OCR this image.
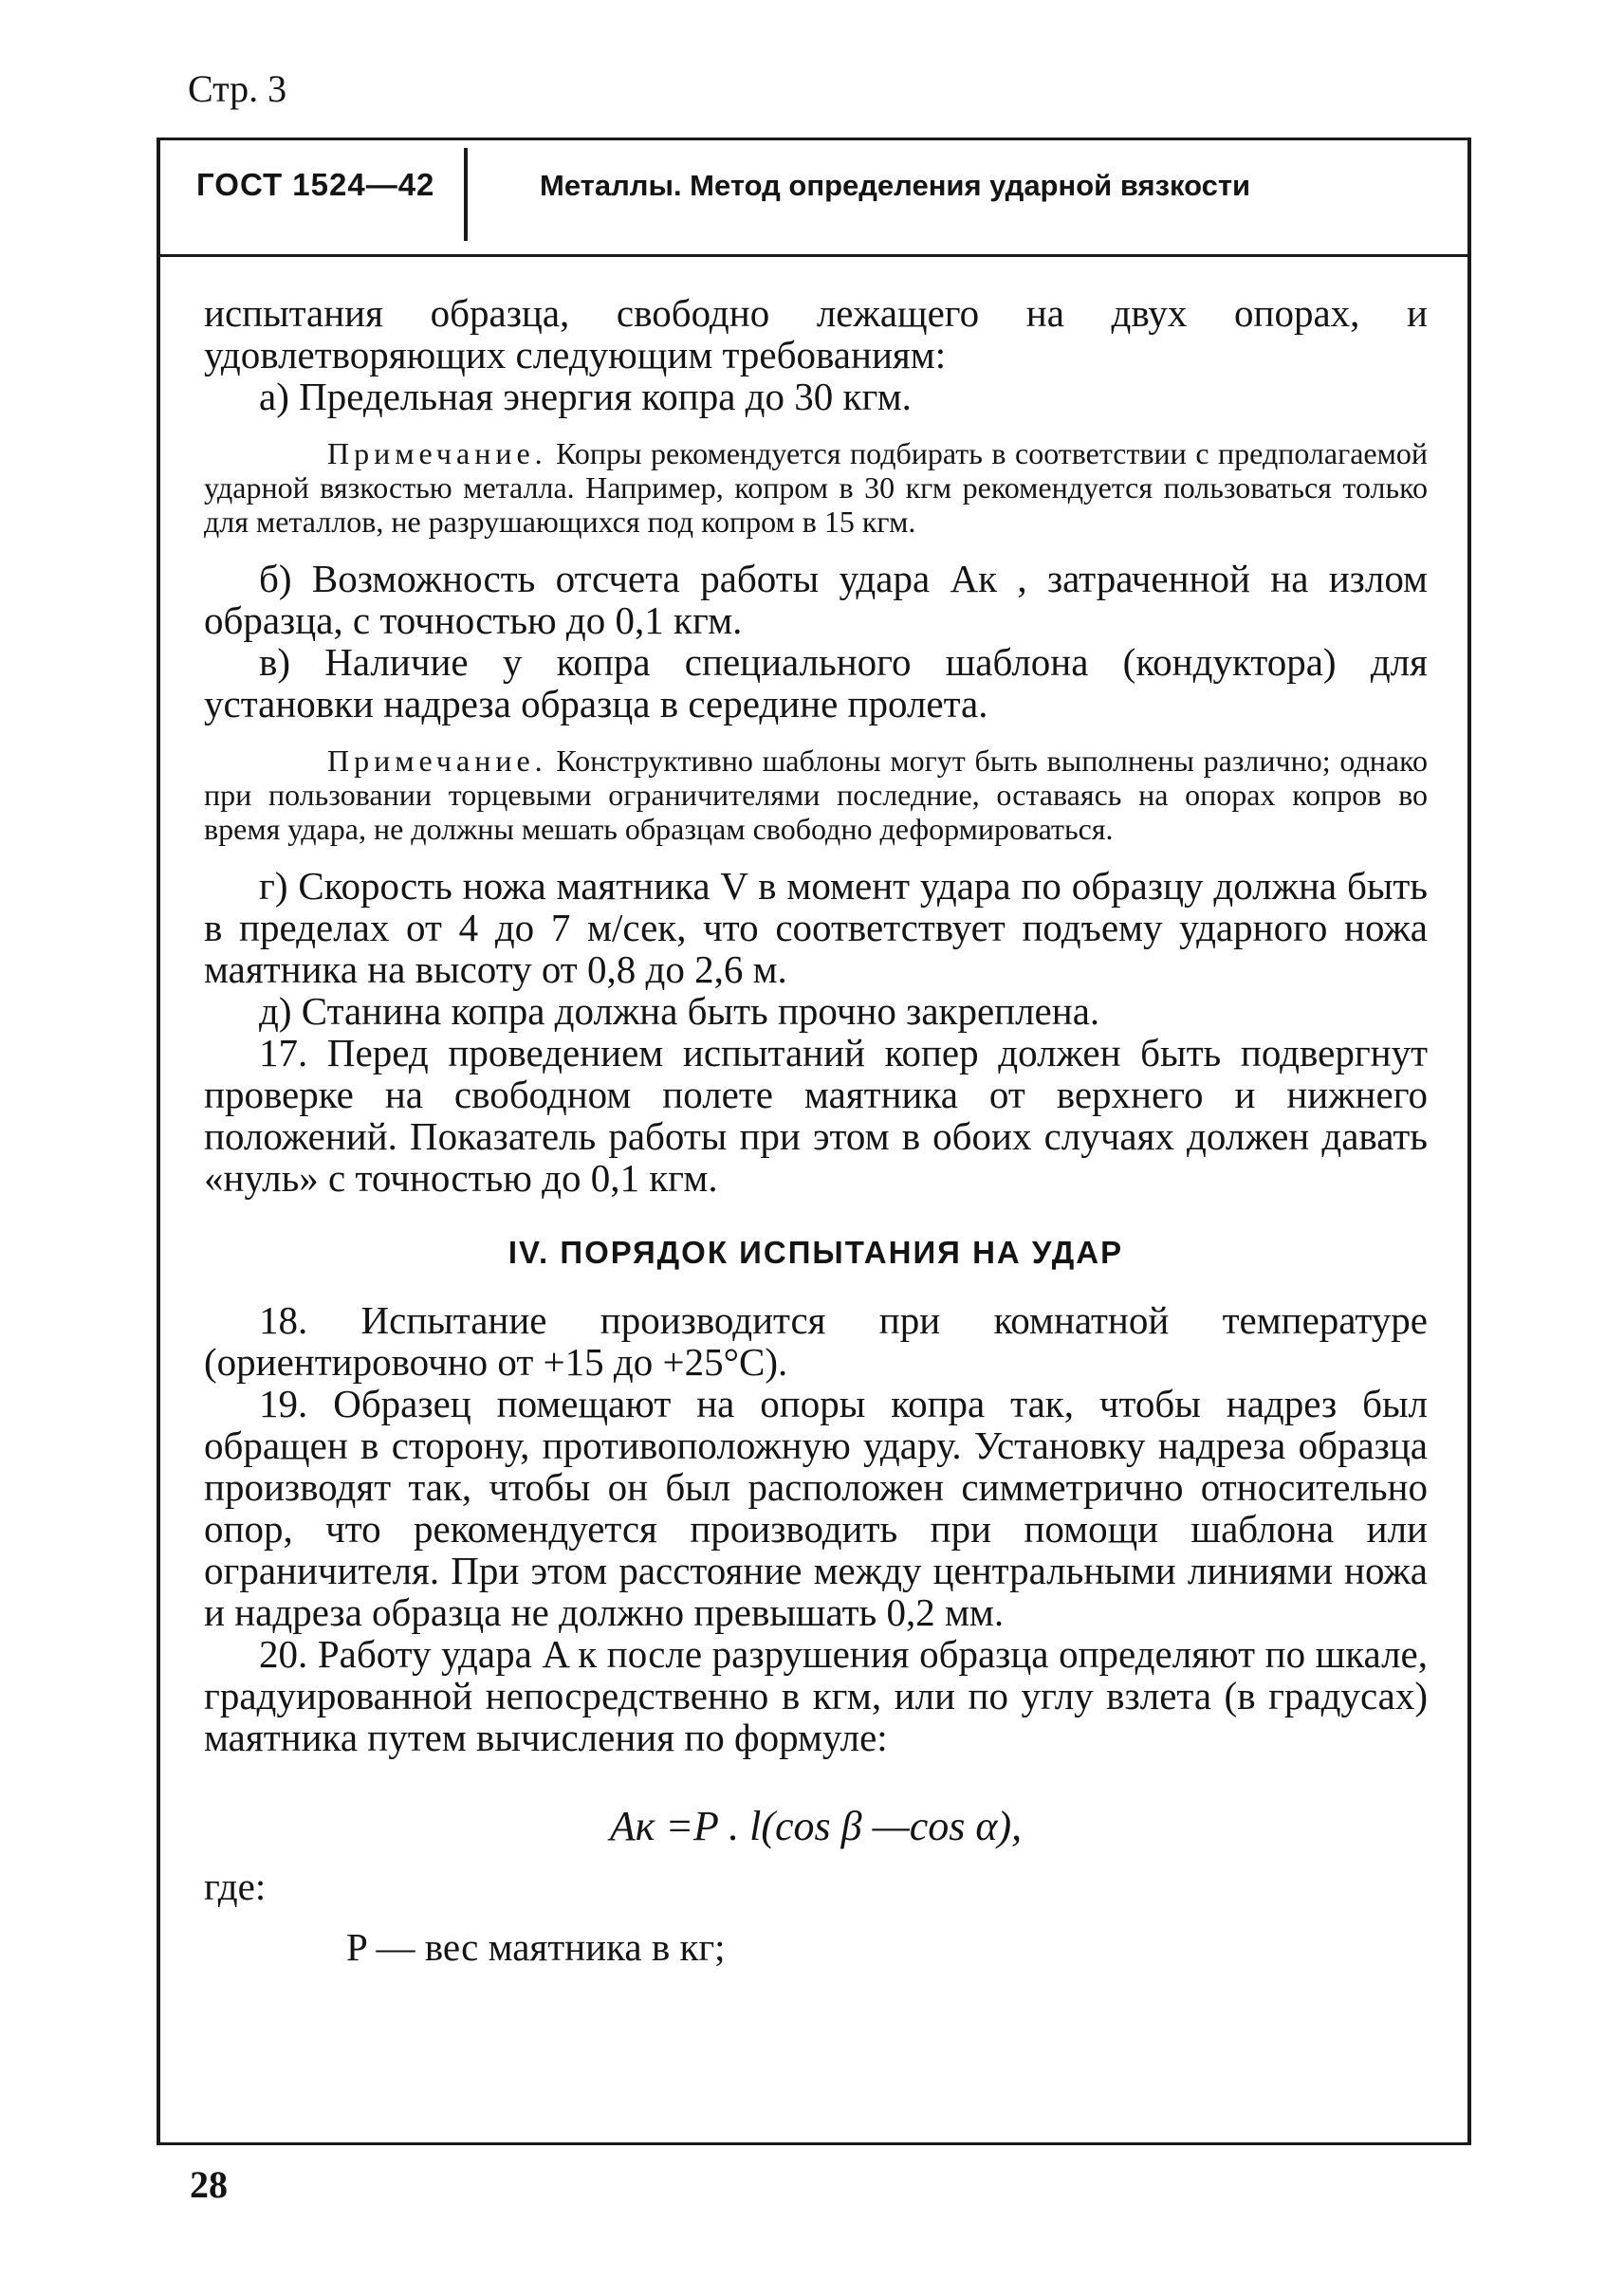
Стр. 3
ГОСТ 1524—42	Металлы. Метод определения ударной вязкости

испытания образца, свободно лежащего на двух опорах, и удовлетворяющих следующим требованиям:

а) Предельная энергия копра до 30 кгм.

Примечание. Копры рекомендуется подбирать в соответствии с предполагаемой ударной вязкостью металла. Например, копром в 30 кгм рекомендуется пользоваться только для металлов, не разрушающихся под копром в 15 кгм.

б) Возможность отсчета работы удара Aк , затраченной на излом образца, с точностью до 0,1 кгм.

в) Наличие у копра специального шаблона (кондуктора) для установки надреза образца в середине пролета.

Примечание. Конструктивно шаблоны могут быть выполнены различно; однако при пользовании торцевыми ограничителями последние, оставаясь на опорах копров во время удара, не должны мешать образцам свободно деформироваться.

г) Скорость ножа маятника V в момент удара по образцу должна быть в пределах от 4 до 7 м/сек, что соответствует подъему ударного ножа маятника на высоту от 0,8 до 2,6 м.

д) Станина копра должна быть прочно закреплена.

17. Перед проведением испытаний копер должен быть подвергнут проверке на свободном полете маятника от верхнего и нижнего положений. Показатель работы при этом в обоих случаях должен давать «нуль» с точностью до 0,1 кгм.

IV. ПОРЯДОК ИСПЫТАНИЯ НА УДАР

18. Испытание производится при комнатной температуре (ориентировочно от +15 до +25°С).

19. Образец помещают на опоры копра так, чтобы надрез был обращен в сторону, противоположную удару. Установку надреза образца производят так, чтобы он был расположен симметрично относительно опор, что рекомендуется производить при помощи шаблона или ограничителя. При этом расстояние между центральными линиями ножа и надреза образца не должно превышать 0,2 мм.

20. Работу удара A к после разрушения образца определяют по шкале, градуированной непосредственно в кгм, или по углу взлета (в градусах) маятника путем вычисления по формуле:

Aк =P . l(cos β —cos α),

где:

P — вес маятника в кг;

28
